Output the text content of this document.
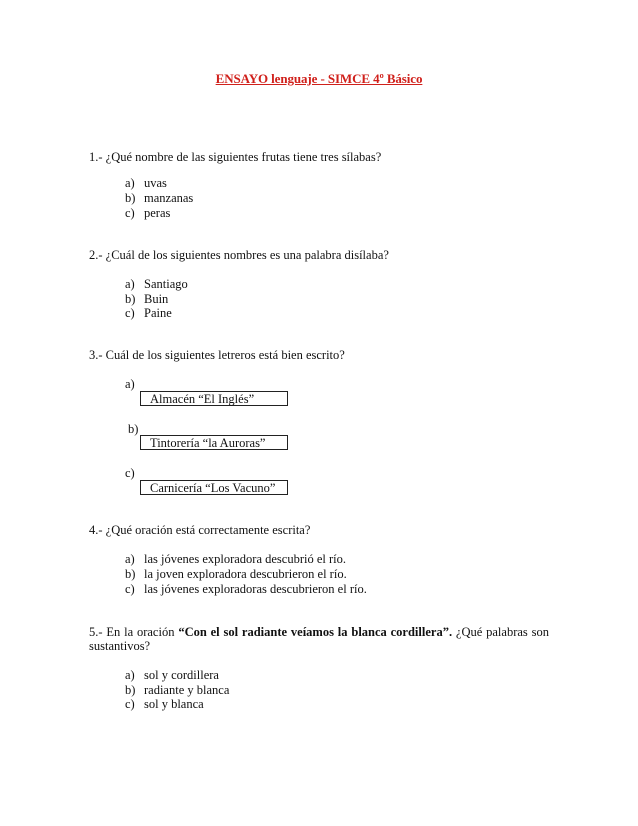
ENSAYO lenguaje - SIMCE 4º Básico
1.- ¿Qué nombre de las siguientes frutas tiene tres sílabas?
a) uvas
b) manzanas
c) peras
2.- ¿Cuál de los siguientes nombres es una palabra disílaba?
a) Santiago
b) Buin
c) Paine
3.- Cuál de los siguientes letreros está bien escrito?
a)
Almacén “El Inglés”
b)
Tintorería “la Auroras”
c)
Carnicería “Los Vacuno”
4.- ¿Qué oración está correctamente escrita?
a) las jóvenes exploradora descubrió el río.
b) la joven exploradora descubrieron el río.
c) las jóvenes exploradoras descubrieron el río.
5.- En la oración “Con el sol radiante veíamos la blanca cordillera”. ¿Qué palabras son
sustantivos?
a) sol y cordillera
b) radiante y blanca
c) sol y blanca
